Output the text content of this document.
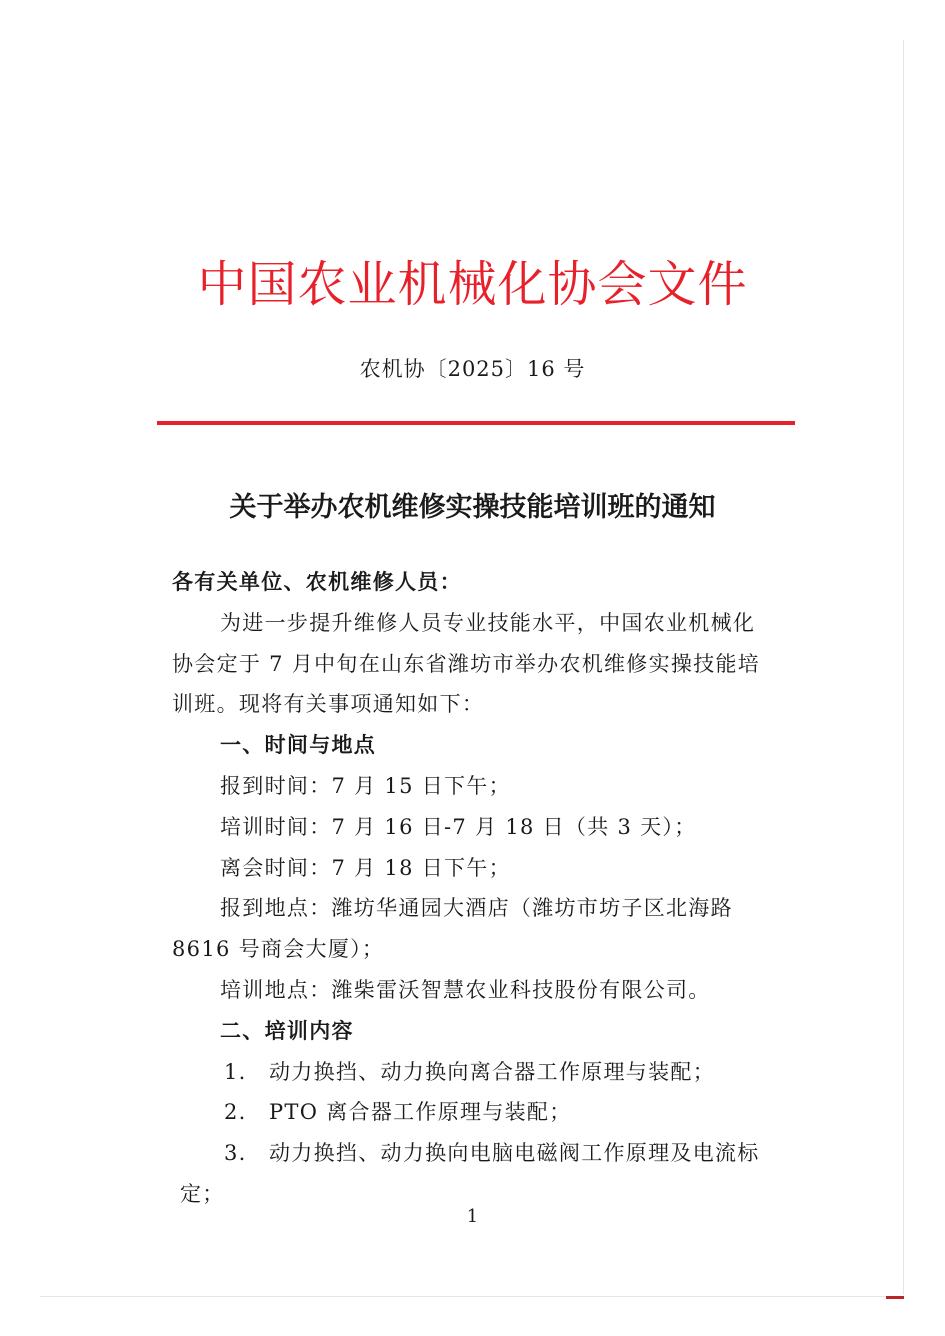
中国农业机械化协会文件
农机协〔2025〕16 号
关于举办农机维修实操技能培训班的通知

各有关单位、农机维修人员：

为进一步提升维修人员专业技能水平，中国农业机械化

协会定于 7 月中旬在山东省潍坊市举办农机维修实操技能培

训班。现将有关事项通知如下：

一、时间与地点

报到时间：7 月 15 日下午；

培训时间：7 月 16 日-7 月 18 日（共 3 天）；

离会时间：7 月 18 日下午；

报到地点：潍坊华通园大酒店（潍坊市坊子区北海路

8616 号商会大厦）；

培训地点：潍柴雷沃智慧农业科技股份有限公司。

二、培训内容

1. 动力换挡、动力换向离合器工作原理与装配；

2. PTO 离合器工作原理与装配；

3. 动力换挡、动力换向电脑电磁阀工作原理及电流标

定；

1
